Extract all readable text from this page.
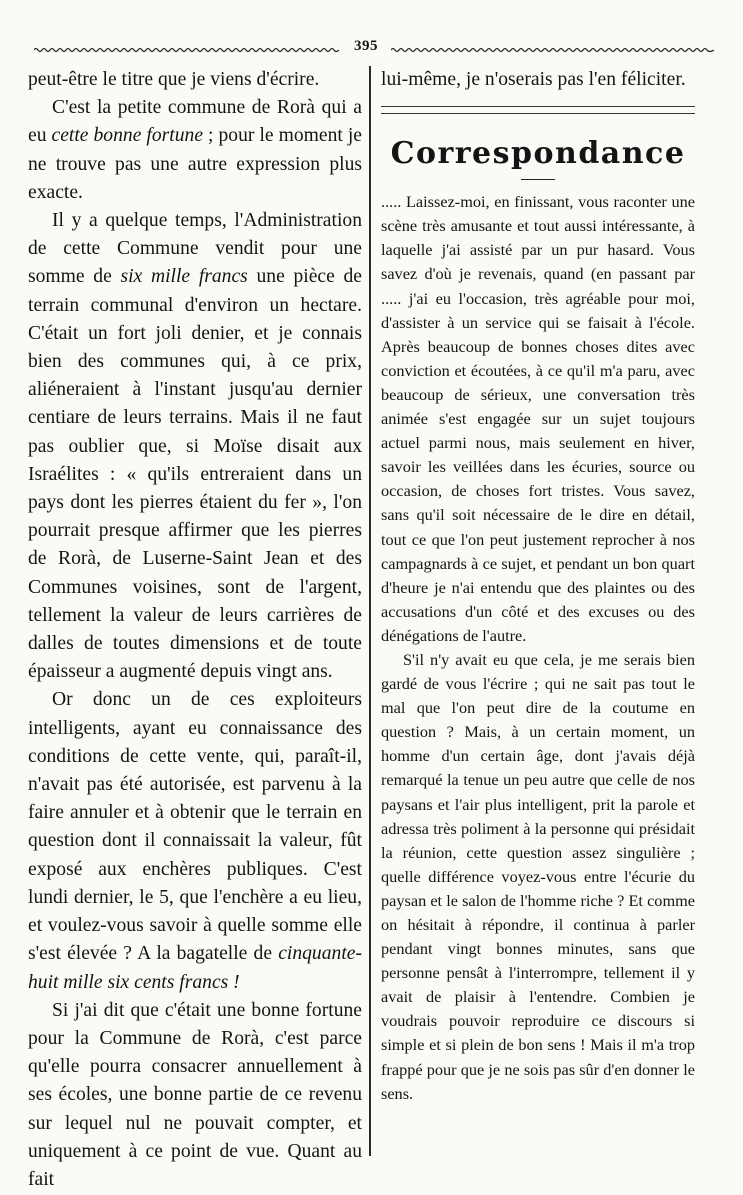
395

peut-être le titre que je viens d'écrire.

C'est la petite commune de Rorà qui a eu cette bonne fortune ; pour le moment je ne trouve pas une autre expression plus exacte.

Il y a quelque temps, l'Administration de cette Commune vendit pour une somme de six mille francs une pièce de terrain communal d'environ un hectare. C'était un fort joli denier, et je connais bien des communes qui, à ce prix, aliéneraient à l'instant jusqu'au dernier centiare de leurs terrains. Mais il ne faut pas oublier que, si Moïse disait aux Israélites : « qu'ils entreraient dans un pays dont les pierres étaient du fer », l'on pourrait presque affirmer que les pierres de Rorà, de Luserne-Saint Jean et des Communes voisines, sont de l'argent, tellement la valeur de leurs carrières de dalles de toutes dimensions et de toute épaisseur a augmenté depuis vingt ans.

Or donc un de ces exploiteurs intelligents, ayant eu connaissance des conditions de cette vente, qui, paraît-il, n'avait pas été autorisée, est parvenu à la faire annuler et à obtenir que le terrain en question dont il connaissait la valeur, fût exposé aux enchères publiques. C'est lundi dernier, le 5, que l'enchère a eu lieu, et voulez-vous savoir à quelle somme elle s'est élevée ? A la bagatelle de cinquante-huit mille six cents francs !

Si j'ai dit que c'était une bonne fortune pour la Commune de Rorà, c'est parce qu'elle pourra consacrer annuellement à ses écoles, une bonne partie de ce revenu sur lequel nul ne pouvait compter, et uniquement à ce point de vue. Quant au fait

lui-même, je n'oserais pas l'en féliciter.

Correspondance

..... Laissez-moi, en finissant, vous raconter une scène très amusante et tout aussi intéressante, à laquelle j'ai assisté par un pur hasard. Vous savez d'où je revenais, quand (en passant par ..... j'ai eu l'occasion, très agréable pour moi, d'assister à un service qui se faisait à l'école. Après beaucoup de bonnes choses dites avec conviction et écoutées, à ce qu'il m'a paru, avec beaucoup de sérieux, une conversation très animée s'est engagée sur un sujet toujours actuel parmi nous, mais seulement en hiver, savoir les veillées dans les écuries, source ou occasion, de choses fort tristes. Vous savez, sans qu'il soit nécessaire de le dire en détail, tout ce que l'on peut justement reprocher à nos campagnards à ce sujet, et pendant un bon quart d'heure je n'ai entendu que des plaintes ou des accusations d'un côté et des excuses ou des dénégations de l'autre.

S'il n'y avait eu que cela, je me serais bien gardé de vous l'écrire ; qui ne sait pas tout le mal que l'on peut dire de la coutume en question ? Mais, à un certain moment, un homme d'un certain âge, dont j'avais déjà remarqué la tenue un peu autre que celle de nos paysans et l'air plus intelligent, prit la parole et adressa très poliment à la personne qui présidait la réunion, cette question assez singulière ; quelle différence voyez-vous entre l'écurie du paysan et le salon de l'homme riche ? Et comme on hésitait à répondre, il continua à parler pendant vingt bonnes minutes, sans que personne pensât à l'interrompre, tellement il y avait de plaisir à l'entendre. Combien je voudrais pouvoir reproduire ce discours si simple et si plein de bon sens ! Mais il m'a trop frappé pour que je ne sois pas sûr d'en donner le sens.
